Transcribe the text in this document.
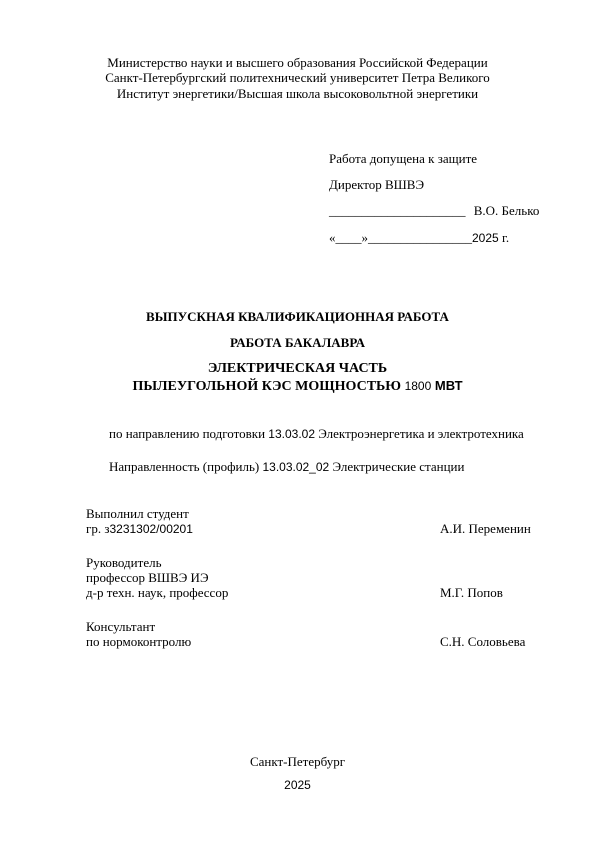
Министерство науки и высшего образования Российской Федерации
Санкт-Петербургский политехнический университет Петра Великого
Институт энергетики/Высшая школа высоковольтной энергетики
Работа допущена к защите
Директор ВШВЭ
_____________________ В.О. Белько
«____»________________2025 г.
ВЫПУСКНАЯ КВАЛИФИКАЦИОННАЯ РАБОТА
РАБОТА БАКАЛАВРА
ЭЛЕКТРИЧЕСКАЯ ЧАСТЬ
ПЫЛЕУГОЛЬНОЙ КЭС МОЩНОСТЬЮ 1800 МВТ
по направлению подготовки 13.03.02 Электроэнергетика и электротехника
Направленность (профиль) 13.03.02_02 Электрические станции
Выполнил студент
гр. з3231302/00201	А.И. Переменин
Руководитель
профессор ВШВЭ ИЭ
д-р техн. наук, профессор	М.Г. Попов
Консультант
по нормоконтролю	С.Н. Соловьева
Санкт-Петербург
2025
